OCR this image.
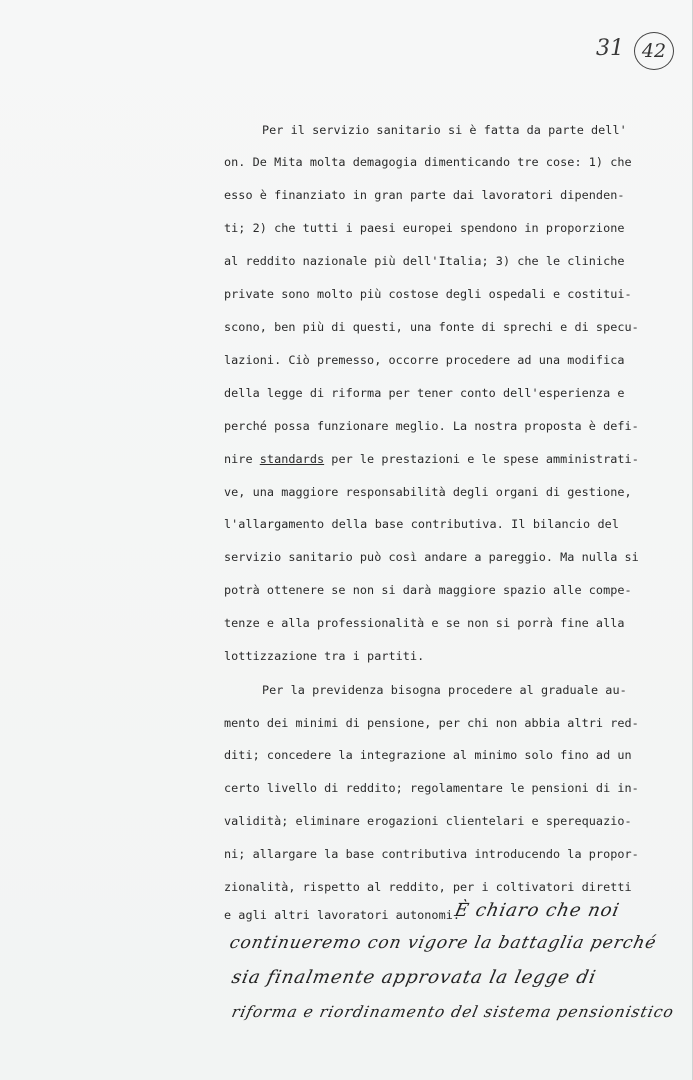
31 42
Per il servizio sanitario si è fatta da parte dell'
on. De Mita molta demagogia dimenticando tre cose: 1) che
esso è finanziato in gran parte dai lavoratori dipenden-
ti; 2) che tutti i paesi europei spendono in proporzione
al reddito nazionale più dell'Italia; 3) che le cliniche
private sono molto più costose degli ospedali e costitui-
scono, ben più di questi, una fonte di sprechi e di specu-
lazioni. Ciò premesso, occorre procedere ad una modifica
della legge di riforma per tener conto dell'esperienza e
perché possa funzionare meglio. La nostra proposta è defi-
nire standards per le prestazioni e le spese amministrati-
ve, una maggiore responsabilità degli organi di gestione,
l'allargamento della base contributiva. Il bilancio del
servizio sanitario può così andare a pareggio. Ma nulla si
potrà ottenere se non si darà maggiore spazio alle compe-
tenze e alla professionalità e se non si porrà fine alla
lottizzazione tra i partiti.
Per la previdenza bisogna procedere al graduale au-
mento dei minimi di pensione, per chi non abbia altri red-
diti; concedere la integrazione al minimo solo fino ad un
certo livello di reddito; regolamentare le pensioni di in-
validità; eliminare erogazioni clientelari e sperequazio-
ni; allargare la base contributiva introducendo la propor-
zionalità, rispetto al reddito, per i coltivatori diretti
e agli altri lavoratori autonomi.
È chiaro che noi
continueremo con vigore la battaglia perché
sia finalmente approvata la legge di
riforma e riordinamento del sistema pensionistico
